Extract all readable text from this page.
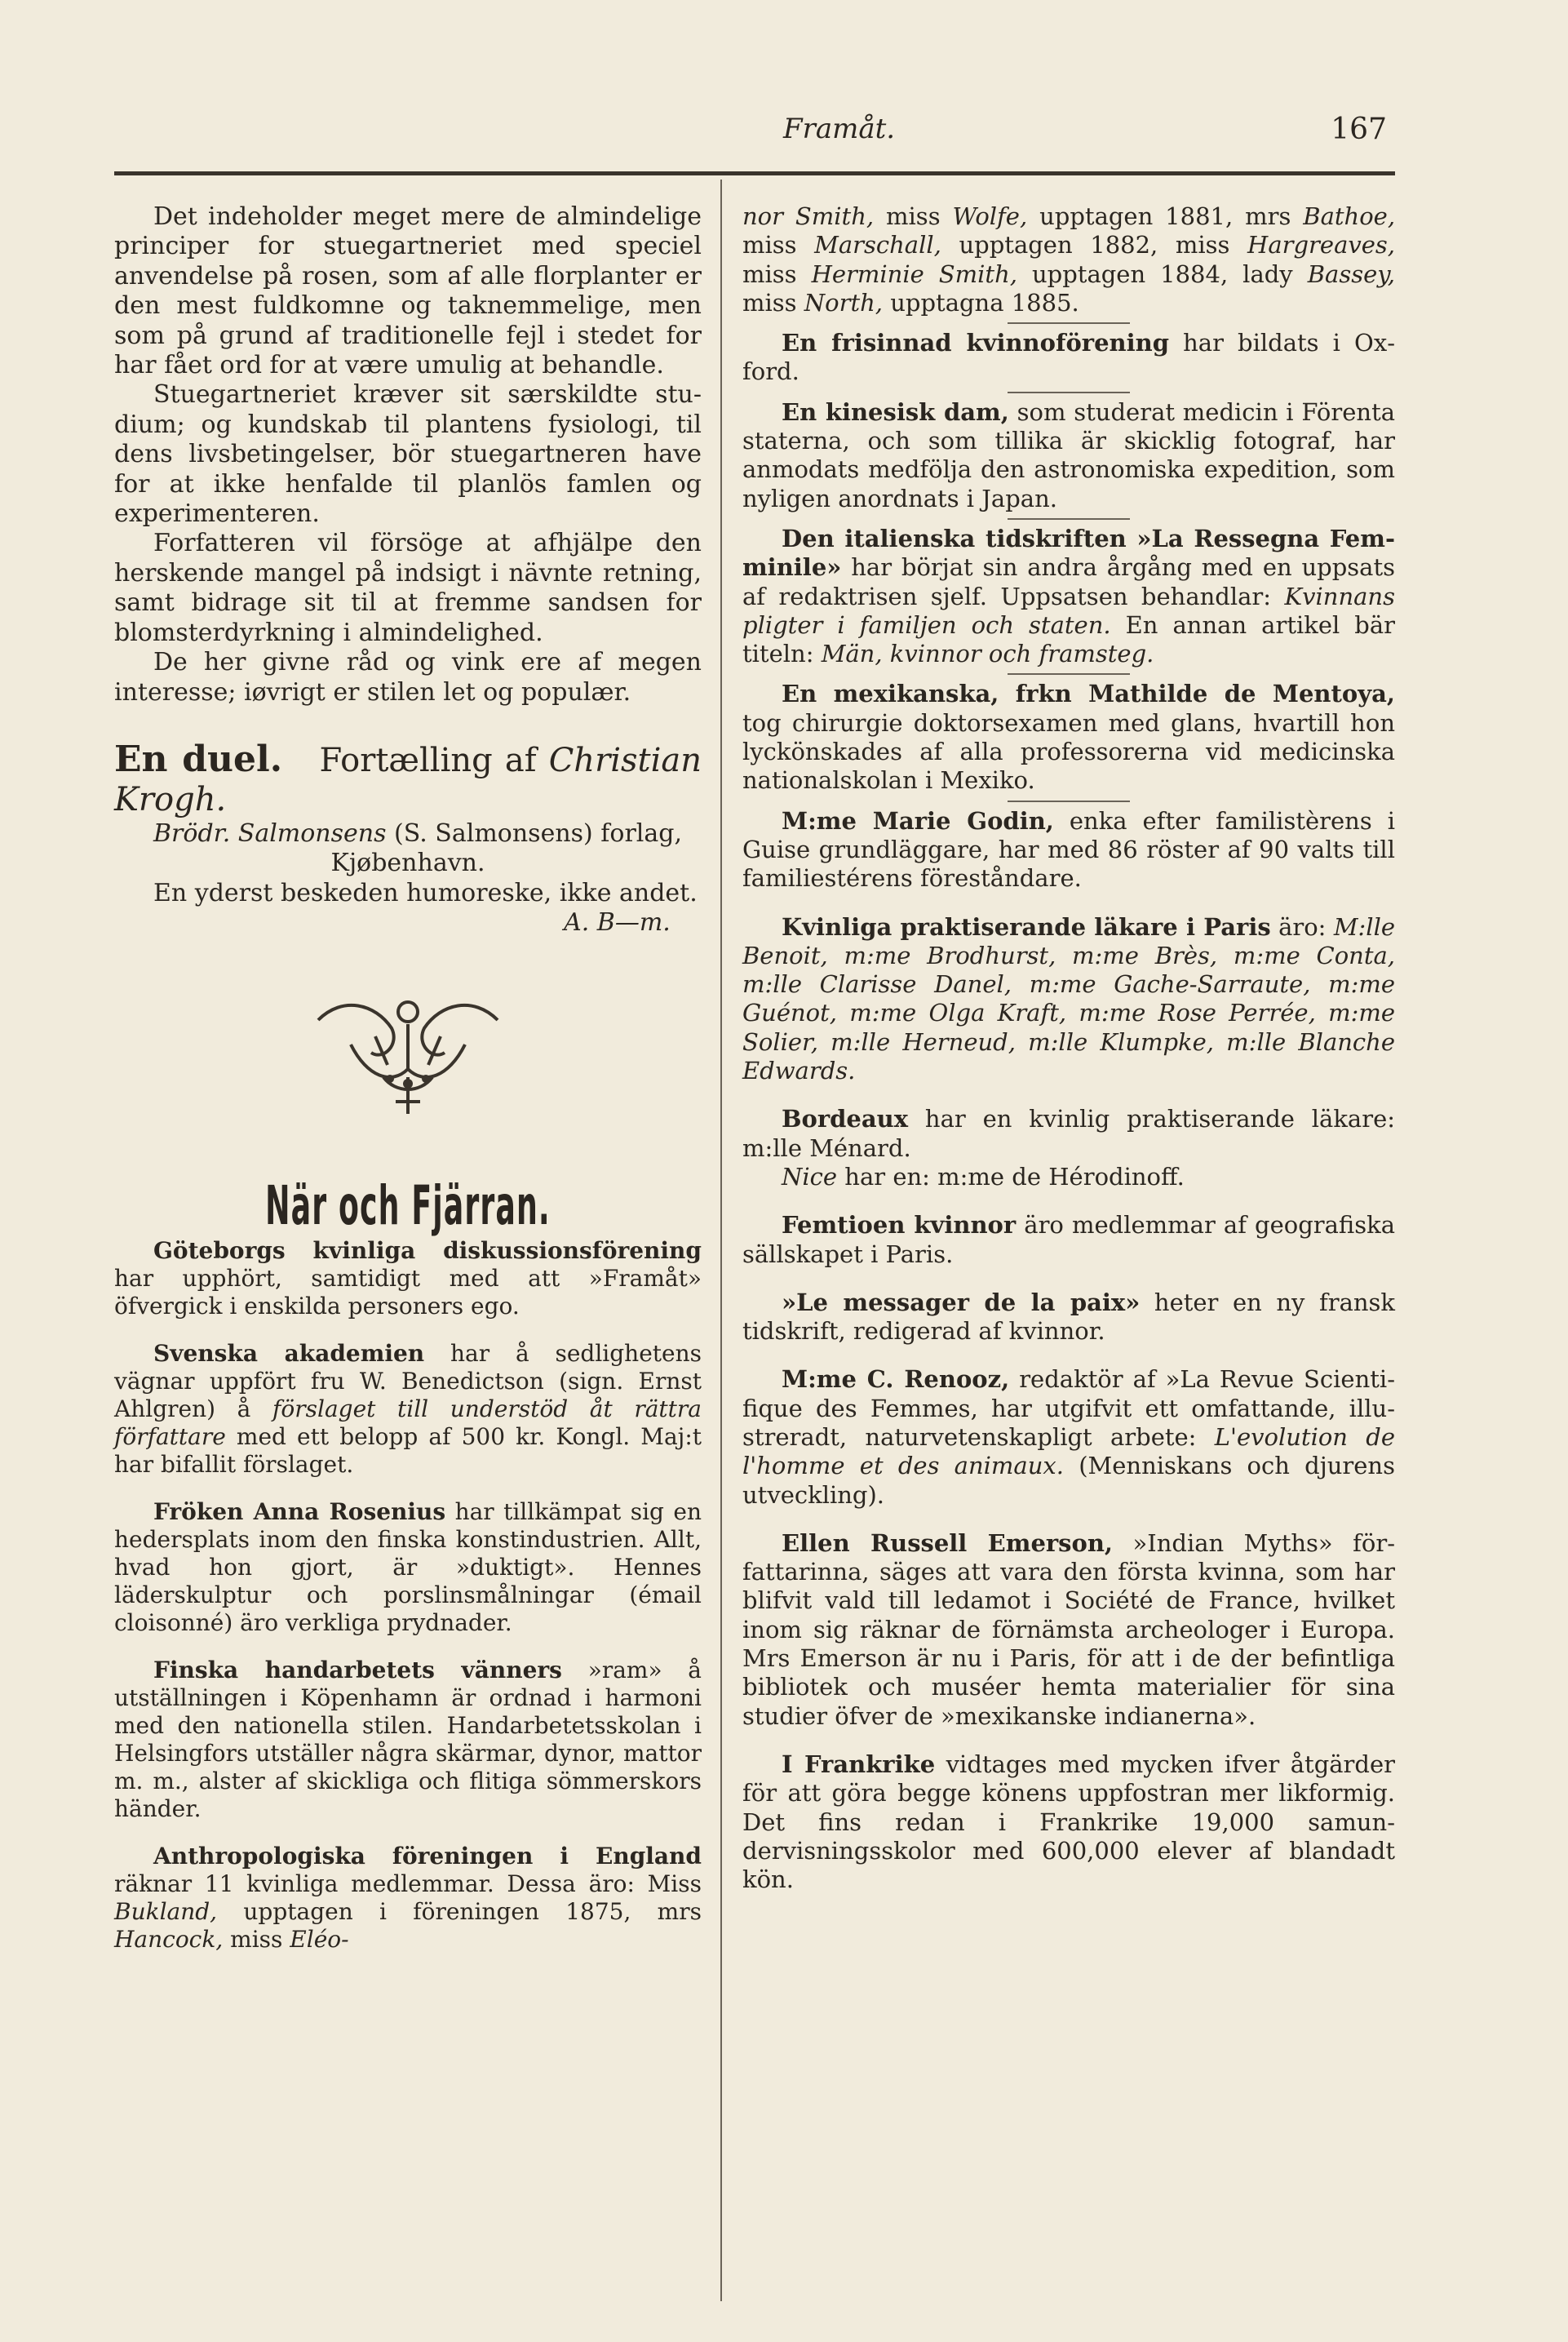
Framåt.	167

Det indeholder meget mere de almindelige principer for stuegartneriet med speciel anvendelse på rosen, som af alle florplanter er den mest fuldkomne og taknemmelige, men som på grund af traditionelle fejl i stedet for har fået ord for at være umulig at behandle.

Stuegartneriet kræver sit særskildte studium; og kundskab til plantens fysiologi, til dens livsbetingelser, bör stuegartneren have for at ikke henfalde til planlös famlen og experimenteren.

Forfatteren vil försöge at afhjälpe den herskende mangel på indsigt i nävnte retning, samt bidrage sit til at fremme sandsen for blomsterdyrkning i almindelighed.

De her givne råd og vink ere af megen interesse; iøvrigt er stilen let og populær.

En duel. Fortælling af Christian Krogh.

Brödr. Salmonsens (S. Salmonsens) forlag,

Kjøbenhavn.

En yderst beskeden humoreske, ikke andet.

A. B—m.

När och Fjärran.

Göteborgs kvinliga diskussionsförening har upphört, samtidigt med att »Framåt» öfvergick i enskilda personers ego.

Svenska akademien har å sedlighetens vägnar uppfört fru W. Benedictson (sign. Ernst Ahlgren) å förslaget till understöd åt rättra författare med ett belopp af 500 kr. Kongl. Maj:t har bifallit förslaget.

Fröken Anna Rosenius har tillkämpat sig en hedersplats inom den finska konstindustrien. Allt, hvad hon gjort, är »duktigt». Hennes läderskulptur och porslinsmålningar (émail cloisonné) äro verkliga prydnader.

Finska handarbetets vänners »ram» å utställningen i Köpenhamn är ordnad i harmoni med den nationella stilen. Handarbetetsskolan i Helsingfors utställer några skärmar, dynor, mattor m. m., alster af skickliga och flitiga sömmerskors händer.

Anthropologiska föreningen i England räknar 11 kvinliga medlemmar. Dessa äro: Miss Bukland, upptagen i föreningen 1875, mrs Hancock, miss Eléo-

nor Smith, miss Wolfe, upptagen 1881, mrs Bathoe, miss Marschall, upptagen 1882, miss Hargreaves, miss Herminie Smith, upptagen 1884, lady Bassey, miss North, upptagna 1885.

En frisinnad kvinnoförening har bildats i Oxford.

En kinesisk dam, som studerat medicin i Förenta staterna, och som tillika är skicklig fotograf, har anmodats medfölja den astronomiska expedition, som nyligen anordnats i Japan.

Den italienska tidskriften »La Ressegna Femminile» har börjat sin andra årgång med en uppsats af redaktrisen sjelf. Uppsatsen behandlar: Kvinnans pligter i familjen och staten. En annan artikel bär titeln: Män, kvinnor och framsteg.

En mexikanska, frkn Mathilde de Mentoya, tog chirurgie doktorsexamen med glans, hvartill hon lyckönskades af alla professorerna vid medicinska nationalskolan i Mexiko.

M:me Marie Godin, enka efter familistèrens i Guise grundläggare, har med 86 röster af 90 valts till familiestérens föreståndare.

Kvinliga praktiserande läkare i Paris äro: M:lle Benoit, m:me Brodhurst, m:me Brès, m:me Conta, m:lle Clarisse Danel, m:me Gache-Sarraute, m:me Guénot, m:me Olga Kraft, m:me Rose Perrée, m:me Solier, m:lle Herneud, m:lle Klumpke, m:lle Blanche Edwards.

Bordeaux har en kvinlig praktiserande läkare: m:lle Ménard.

Nice har en: m:me de Hérodinoff.

Femtioen kvinnor äro medlemmar af geografiska sällskapet i Paris.

»Le messager de la paix» heter en ny fransk tidskrift, redigerad af kvinnor.

M:me C. Renooz, redaktör af »La Revue Scientifique des Femmes, har utgifvit ett omfattande, illustreradt, naturvetenskapligt arbete: L'evolution de l'homme et des animaux. (Menniskans och djurens utveckling).

Ellen Russell Emerson, »Indian Myths» författarinna, säges att vara den första kvinna, som har blifvit vald till ledamot i Société de France, hvilket inom sig räknar de förnämsta archeologer i Europa. Mrs Emerson är nu i Paris, för att i de der befintliga bibliotek och muséer hemta materialier för sina studier öfver de »mexikanske indianerna».

I Frankrike vidtages med mycken ifver åtgärder för att göra begge könens uppfostran mer likformig. Det fins redan i Frankrike 19,000 samundervisningsskolor med 600,000 elever af blandadt kön.
